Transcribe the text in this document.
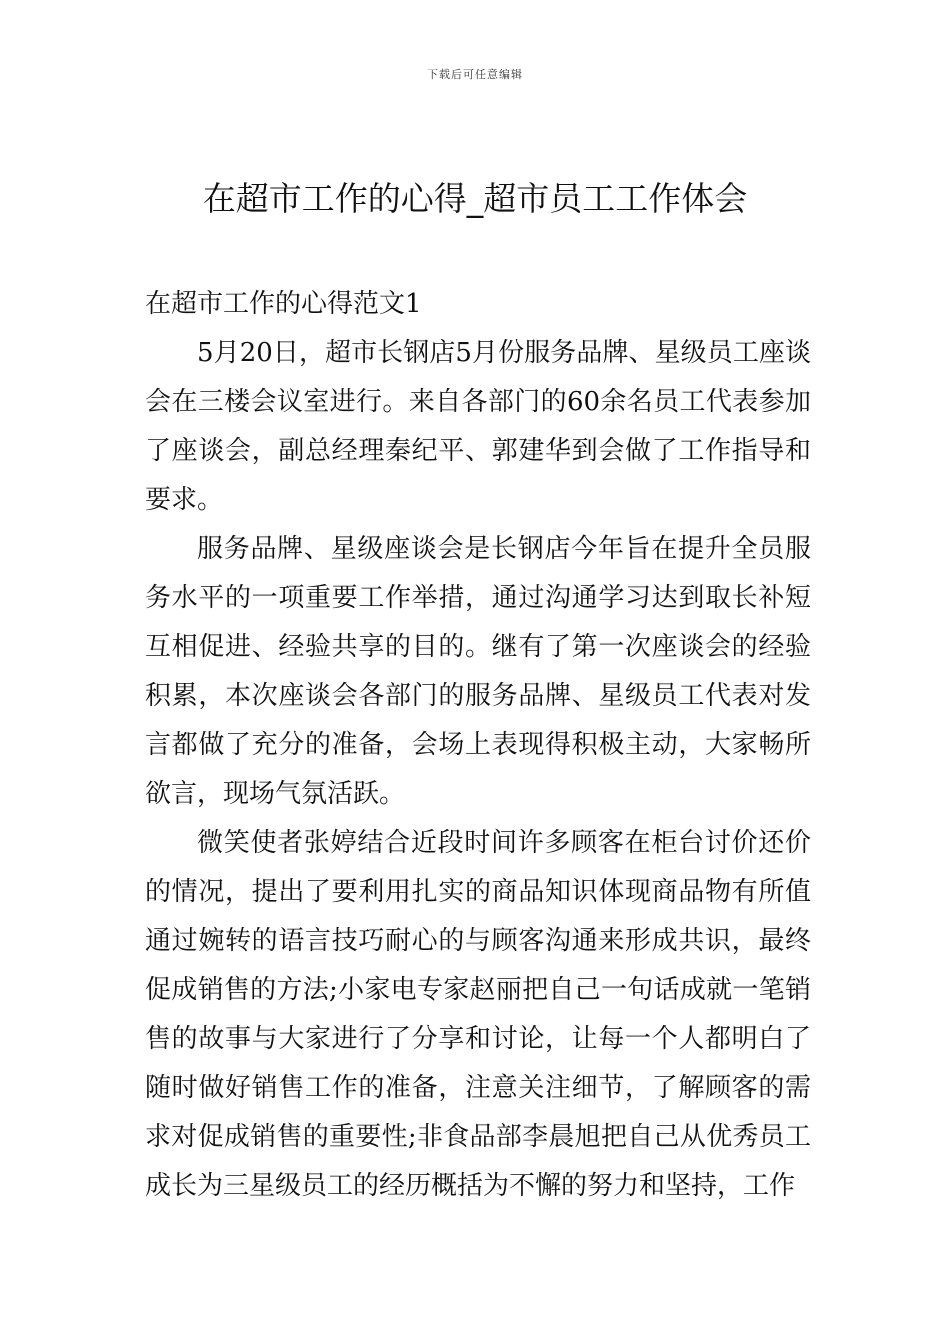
下载后可任意编辑
在超市工作的心得_超市员工工作体会

在超市工作的心得范文1

5月20日，超市长钢店5月份服务品牌、星级员工座谈会在三楼会议室进行。来自各部门的60余名员工代表参加了座谈会，副总经理秦纪平、郭建华到会做了工作指导和要求。

服务品牌、星级座谈会是长钢店今年旨在提升全员服务水平的一项重要工作举措，通过沟通学习达到取长补短互相促进、经验共享的目的。继有了第一次座谈会的经验积累，本次座谈会各部门的服务品牌、星级员工代表对发言都做了充分的准备，会场上表现得积极主动，大家畅所欲言，现场气氛活跃。

微笑使者张婷结合近段时间许多顾客在柜台讨价还价的情况，提出了要利用扎实的商品知识体现商品物有所值通过婉转的语言技巧耐心的与顾客沟通来形成共识，最终促成销售的方法;小家电专家赵丽把自己一句话成就一笔销售的故事与大家进行了分享和讨论，让每一个人都明白了随时做好销售工作的准备，注意关注细节，了解顾客的需求对促成销售的重要性;非食品部李晨旭把自己从优秀员工成长为三星级员工的经历概括为不懈的努力和坚持，工作
